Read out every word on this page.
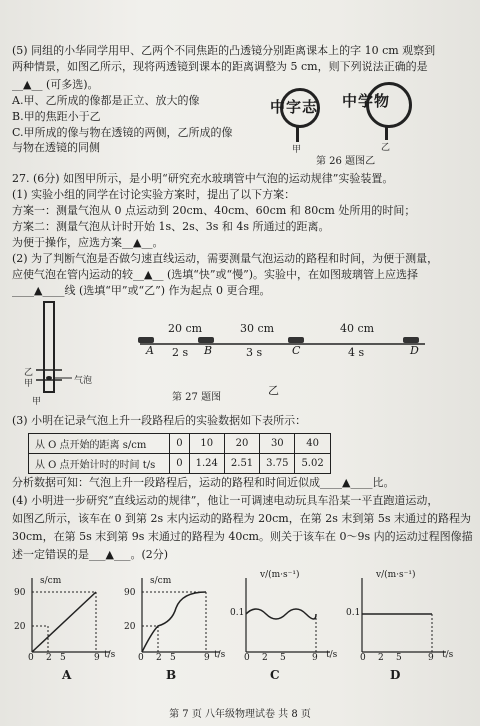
(5) 同组的小华同学用甲、乙两个不同焦距的凸透镜分别距离课本上的字 10 cm 观察到
两种情景，如图乙所示，现将两透镜到课本的距离调整为 5 cm，则下列说法正确的是
__▲__ (可多选)。
A.甲、乙所成的像都是正立、放大的像
B.甲的焦距小于乙
C.甲所成的像与物在透镜的两侧，乙所成的像
与物在透镜的同侧
中字志
甲
中学物
乙
第 26 题图乙
27. (6分) 如图甲所示，是小明“研究充水玻璃管中气泡的运动规律”实验装置。
(1) 实验小组的同学在讨论实验方案时，提出了以下方案：
方案一：测量气泡从 0 点运动到 20cm、40cm、60cm 和 80cm 处所用的时间；
方案二：测量气泡从计时开始 1s、2s、3s 和 4s 所通过的距离。
为便于操作，应选方案__▲__。
(2) 为了判断气泡是否做匀速直线运动，需要测量气泡运动的路程和时间，为便于测量，
应使气泡在管内运动的较__▲__ (选填“快”或“慢”)。实验中，在如图玻璃管上应选择
____▲____线 (选填“甲”或“乙”) 作为起点 0 更合理。
乙
甲	气泡
甲
20 cm	30 cm	40 cm
A	B	C	D
2 s	3 s	4 s
乙
第 27 题图
(3) 小明在记录气泡上升一段路程后的实验数据如下表所示：
从 O 点开始的距离 s/cm	0	10	20	30	40
从 O 点开始计时的时间 t/s	0	1.24	2.51	3.75	5.02
分析数据可知：气泡上升一段路程后，运动的路程和时间近似成____▲____比。
(4) 小明进一步研究“直线运动的规律”，他让一可调速电动玩具车沿某一平直跑道运动，
如图乙所示，该车在 0 到第 2s 末内运动的路程为 20cm，在第 2s 末到第 5s 末通过的路程为
30cm，在第 5s 末到第 9s 末通过的路程为 40cm。则关于该车在 0～9s 内的运动过程图像描
述一定错误的是___▲___。(2分)
s/cm
90
20
0 2 5	9 t/s
A
s/cm
90
20
0 2 5	9 t/s
B
v/(m·s⁻¹)
0.1
0 2 5	9 t/s
C
v/(m·s⁻¹)
0.1
0 2 5	9 t/s
D
第 7 页 八年级物理试卷 共 8 页
